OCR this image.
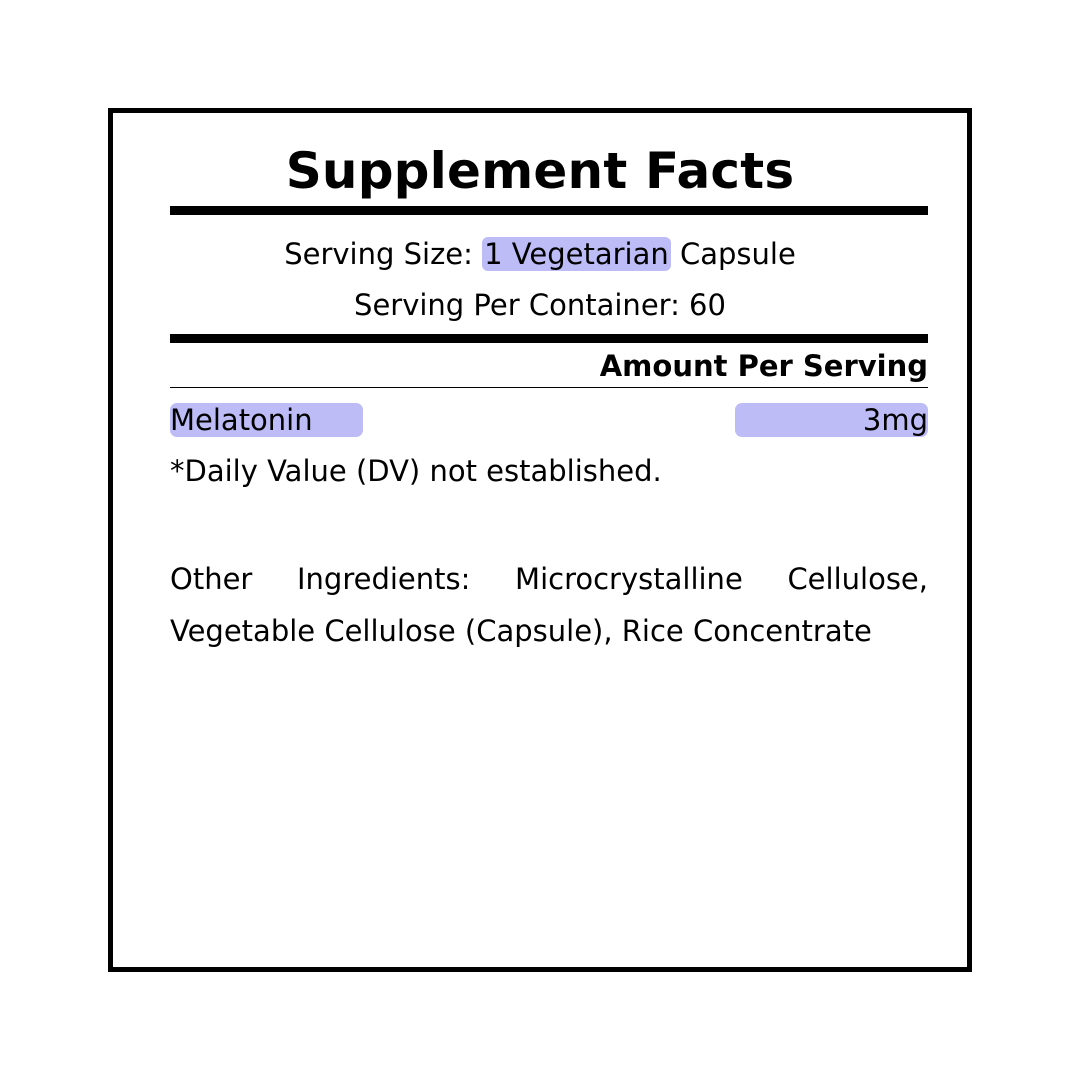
Supplement Facts
Serving Size: 1 Vegetarian Capsule
Serving Per Container: 60
Amount Per Serving
Melatonin	3mg
*Daily Value (DV) not established.
Other Ingredients: Microcrystalline Cellulose, Vegetable Cellulose (Capsule), Rice Concentrate
